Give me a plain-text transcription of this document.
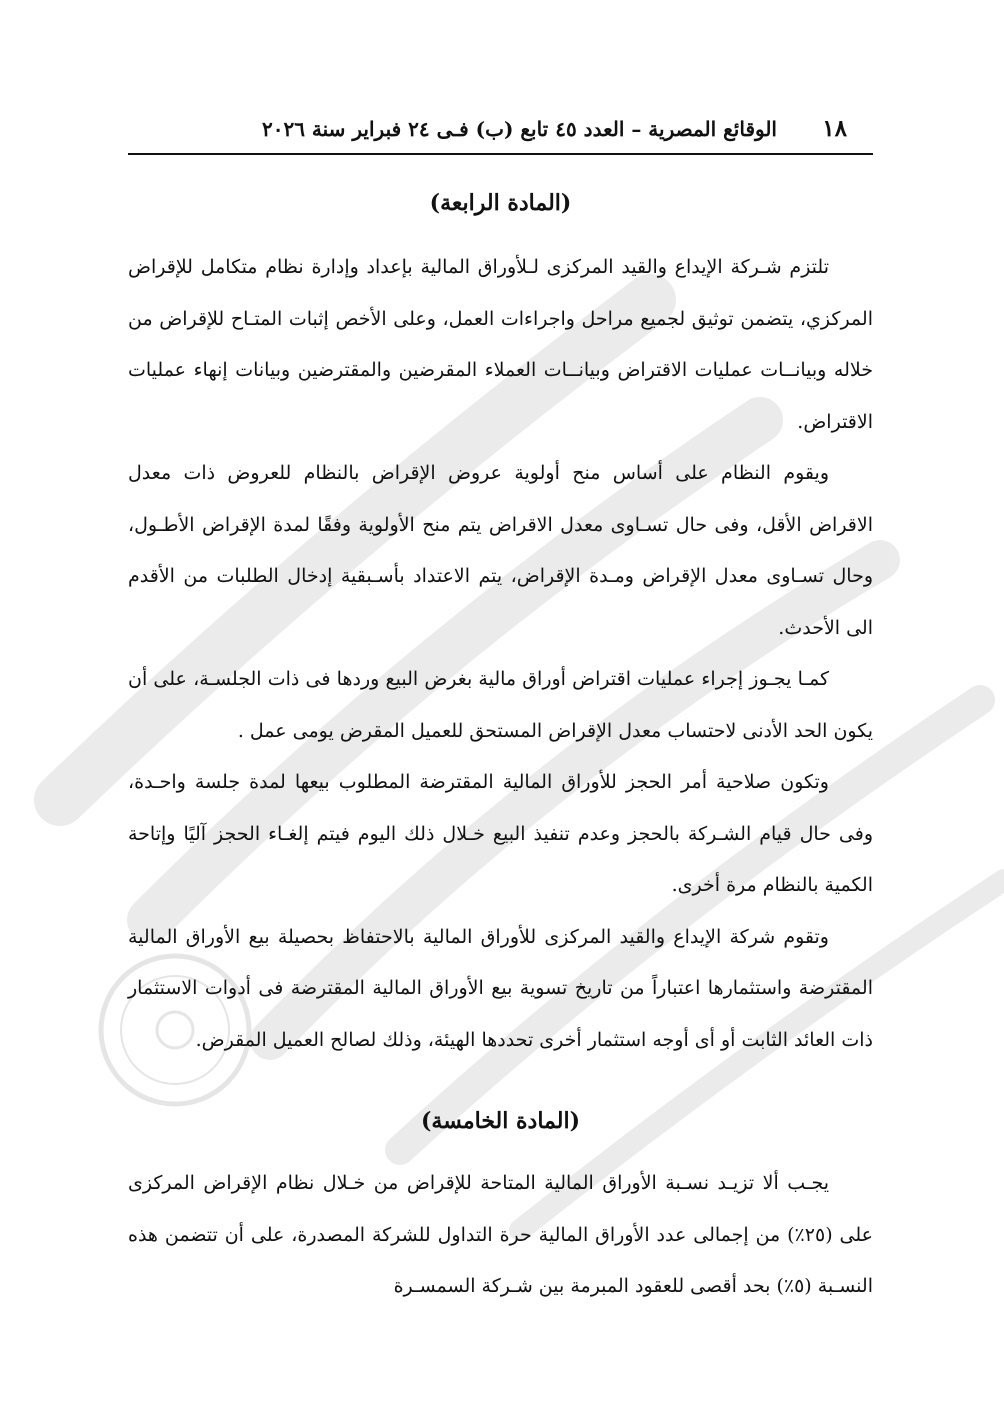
١٨
الوقائع المصرية – العدد ٤٥ تابع (ب) فـى ٢٤ فبراير سنة ٢٠٢٦
(المادة الرابعة)

تلتزم شـركة الإيداع والقيد المركزى لـلأوراق المالية بإعداد وإدارة نظام متكامل للإقراض المركزي، يتضمن توثيق لجميع مراحل واجراءات العمل، وعلى الأخص إثبات المتـاح للإقراض من خلاله وبيانــات عمليات الاقتراض وبيانــات العملاء المقرضين والمقترضين وبيانات إنهاء عمليات الاقتراض.

ويقوم النظام على أساس منح أولوية عروض الإقراض بالنظام للعروض ذات معدل الاقراض الأقل، وفى حال تسـاوى معدل الاقراض يتم منح الأولوية وفقًا لمدة الإقراض الأطـول، وحال تسـاوى معدل الإقراض ومـدة الإقراض، يتم الاعتداد بأسـبقية إدخال الطلبات من الأقدم الى الأحدث.

كمـا يجـوز إجراء عمليات اقتراض أوراق مالية بغرض البيع وردها فى ذات الجلسـة، على أن يكون الحد الأدنى لاحتساب معدل الإقراض المستحق للعميل المقرض يومى عمل .

وتكون صلاحية أمر الحجز للأوراق المالية المقترضة المطلوب بيعها لمدة جلسة واحـدة، وفى حال قيام الشـركة بالحجز وعدم تنفيذ البيع خـلال ذلك اليوم فيتم إلغـاء الحجز آليًا وإتاحة الكمية بالنظام مرة أخرى.

وتقوم شركة الإيداع والقيد المركزى للأوراق المالية بالاحتفاظ بحصيلة بيع الأوراق المالية المقترضة واستثمارها اعتباراً من تاريخ تسوية بيع الأوراق المالية المقترضة فى أدوات الاستثمار ذات العائد الثابت أو أى أوجه استثمار أخرى تحددها الهيئة، وذلك لصالح العميل المقرض.

(المادة الخامسة)

يجـب ألا تزيـد نسـبة الأوراق المالية المتاحة للإقراض من خـلال نظام الإقراض المركزى على (٢٥٪) من إجمالى عدد الأوراق المالية حرة التداول للشركة المصدرة، على أن تتضمن هذه النسـبة (٥٪) بحد أقصى للعقود المبرمة بين شـركة السمسـرة
